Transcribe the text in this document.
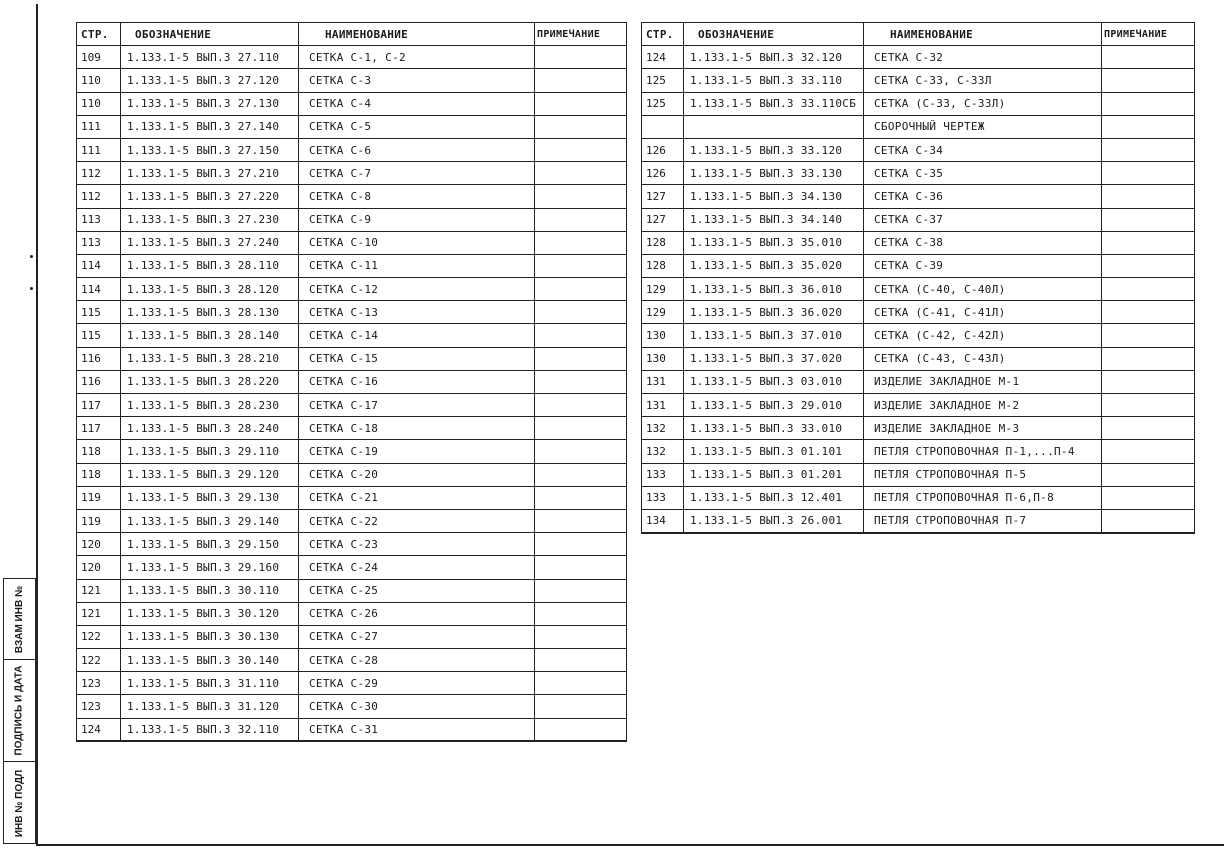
ВЗАМ ИНВ №
ПОДПИСЬ И ДАТА
ИНВ № ПОДЛ
СТР.	ОБОЗНАЧЕНИЕ	НАИМЕНОВАНИЕ	ПРИМЕЧАНИЕ
109	1.133.1-5 ВЫП.3 27.110	СЕТКА С-1, С-2	
110	1.133.1-5 ВЫП.3 27.120	СЕТКА С-3	
110	1.133.1-5 ВЫП.3 27.130	СЕТКА С-4	
111	1.133.1-5 ВЫП.3 27.140	СЕТКА С-5	
111	1.133.1-5 ВЫП.3 27.150	СЕТКА С-6	
112	1.133.1-5 ВЫП.3 27.210	СЕТКА С-7	
112	1.133.1-5 ВЫП.3 27.220	СЕТКА С-8	
113	1.133.1-5 ВЫП.3 27.230	СЕТКА С-9	
113	1.133.1-5 ВЫП.3 27.240	СЕТКА С-10	
114	1.133.1-5 ВЫП.3 28.110	СЕТКА С-11	
114	1.133.1-5 ВЫП.3 28.120	СЕТКА С-12	
115	1.133.1-5 ВЫП.3 28.130	СЕТКА С-13	
115	1.133.1-5 ВЫП.3 28.140	СЕТКА С-14	
116	1.133.1-5 ВЫП.3 28.210	СЕТКА С-15	
116	1.133.1-5 ВЫП.3 28.220	СЕТКА С-16	
117	1.133.1-5 ВЫП.3 28.230	СЕТКА С-17	
117	1.133.1-5 ВЫП.3 28.240	СЕТКА С-18	
118	1.133.1-5 ВЫП.3 29.110	СЕТКА С-19	
118	1.133.1-5 ВЫП.3 29.120	СЕТКА С-20	
119	1.133.1-5 ВЫП.3 29.130	СЕТКА С-21	
119	1.133.1-5 ВЫП.3 29.140	СЕТКА С-22	
120	1.133.1-5 ВЫП.3 29.150	СЕТКА С-23	
120	1.133.1-5 ВЫП.3 29.160	СЕТКА С-24	
121	1.133.1-5 ВЫП.3 30.110	СЕТКА С-25	
121	1.133.1-5 ВЫП.3 30.120	СЕТКА С-26	
122	1.133.1-5 ВЫП.3 30.130	СЕТКА С-27	
122	1.133.1-5 ВЫП.3 30.140	СЕТКА С-28	
123	1.133.1-5 ВЫП.3 31.110	СЕТКА С-29	
123	1.133.1-5 ВЫП.3 31.120	СЕТКА С-30	
124	1.133.1-5 ВЫП.3 32.110	СЕТКА С-31	
СТР.	ОБОЗНАЧЕНИЕ	НАИМЕНОВАНИЕ	ПРИМЕЧАНИЕ
124	1.133.1-5 ВЫП.3 32.120	СЕТКА С-32	
125	1.133.1-5 ВЫП.3 33.110	СЕТКА С-33, С-33Л	
125	1.133.1-5 ВЫП.3 33.110СБ	СЕТКА (С-33, С-33Л)	
		СБОРОЧНЫЙ ЧЕРТЕЖ	
126	1.133.1-5 ВЫП.3 33.120	СЕТКА С-34	
126	1.133.1-5 ВЫП.3 33.130	СЕТКА С-35	
127	1.133.1-5 ВЫП.3 34.130	СЕТКА С-36	
127	1.133.1-5 ВЫП.3 34.140	СЕТКА С-37	
128	1.133.1-5 ВЫП.3 35.010	СЕТКА С-38	
128	1.133.1-5 ВЫП.3 35.020	СЕТКА С-39	
129	1.133.1-5 ВЫП.3 36.010	СЕТКА (С-40, С-40Л)	
129	1.133.1-5 ВЫП.3 36.020	СЕТКА (С-41, С-41Л)	
130	1.133.1-5 ВЫП.3 37.010	СЕТКА (С-42, С-42Л)	
130	1.133.1-5 ВЫП.3 37.020	СЕТКА (С-43, С-43Л)	
131	1.133.1-5 ВЫП.3 03.010	ИЗДЕЛИЕ ЗАКЛАДНОЕ М-1	
131	1.133.1-5 ВЫП.3 29.010	ИЗДЕЛИЕ ЗАКЛАДНОЕ М-2	
132	1.133.1-5 ВЫП.3 33.010	ИЗДЕЛИЕ ЗАКЛАДНОЕ М-3	
132	1.133.1-5 ВЫП.3 01.101	ПЕТЛЯ СТРОПОВОЧНАЯ П-1,...П-4	
133	1.133.1-5 ВЫП.3 01.201	ПЕТЛЯ СТРОПОВОЧНАЯ П-5	
133	1.133.1-5 ВЫП.3 12.401	ПЕТЛЯ СТРОПОВОЧНАЯ П-6,П-8	
134	1.133.1-5 ВЫП.3 26.001	ПЕТЛЯ СТРОПОВОЧНАЯ П-7	
